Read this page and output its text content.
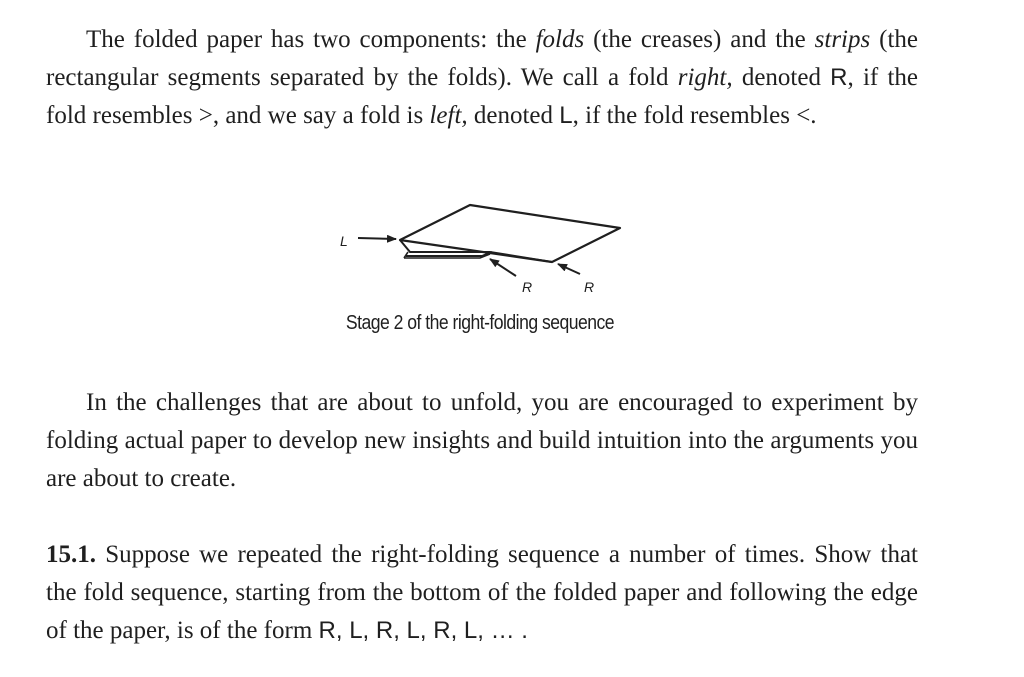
The folded paper has two components: the folds (the creases) and the strips (the rectangular segments separated by the folds). We call a fold right, denoted R, if the fold resembles >, and we say a fold is left, denoted L, if the fold resembles <.

L
R	R
Stage 2 of the right-folding sequence

In the challenges that are about to unfold, you are encouraged to experiment by folding actual paper to develop new insights and build intuition into the arguments you are about to create.

15.1. Suppose we repeated the right-folding sequence a number of times. Show that the fold sequence, starting from the bottom of the folded paper and following the edge of the paper, is of the form R, L, R, L, R, L, … .
